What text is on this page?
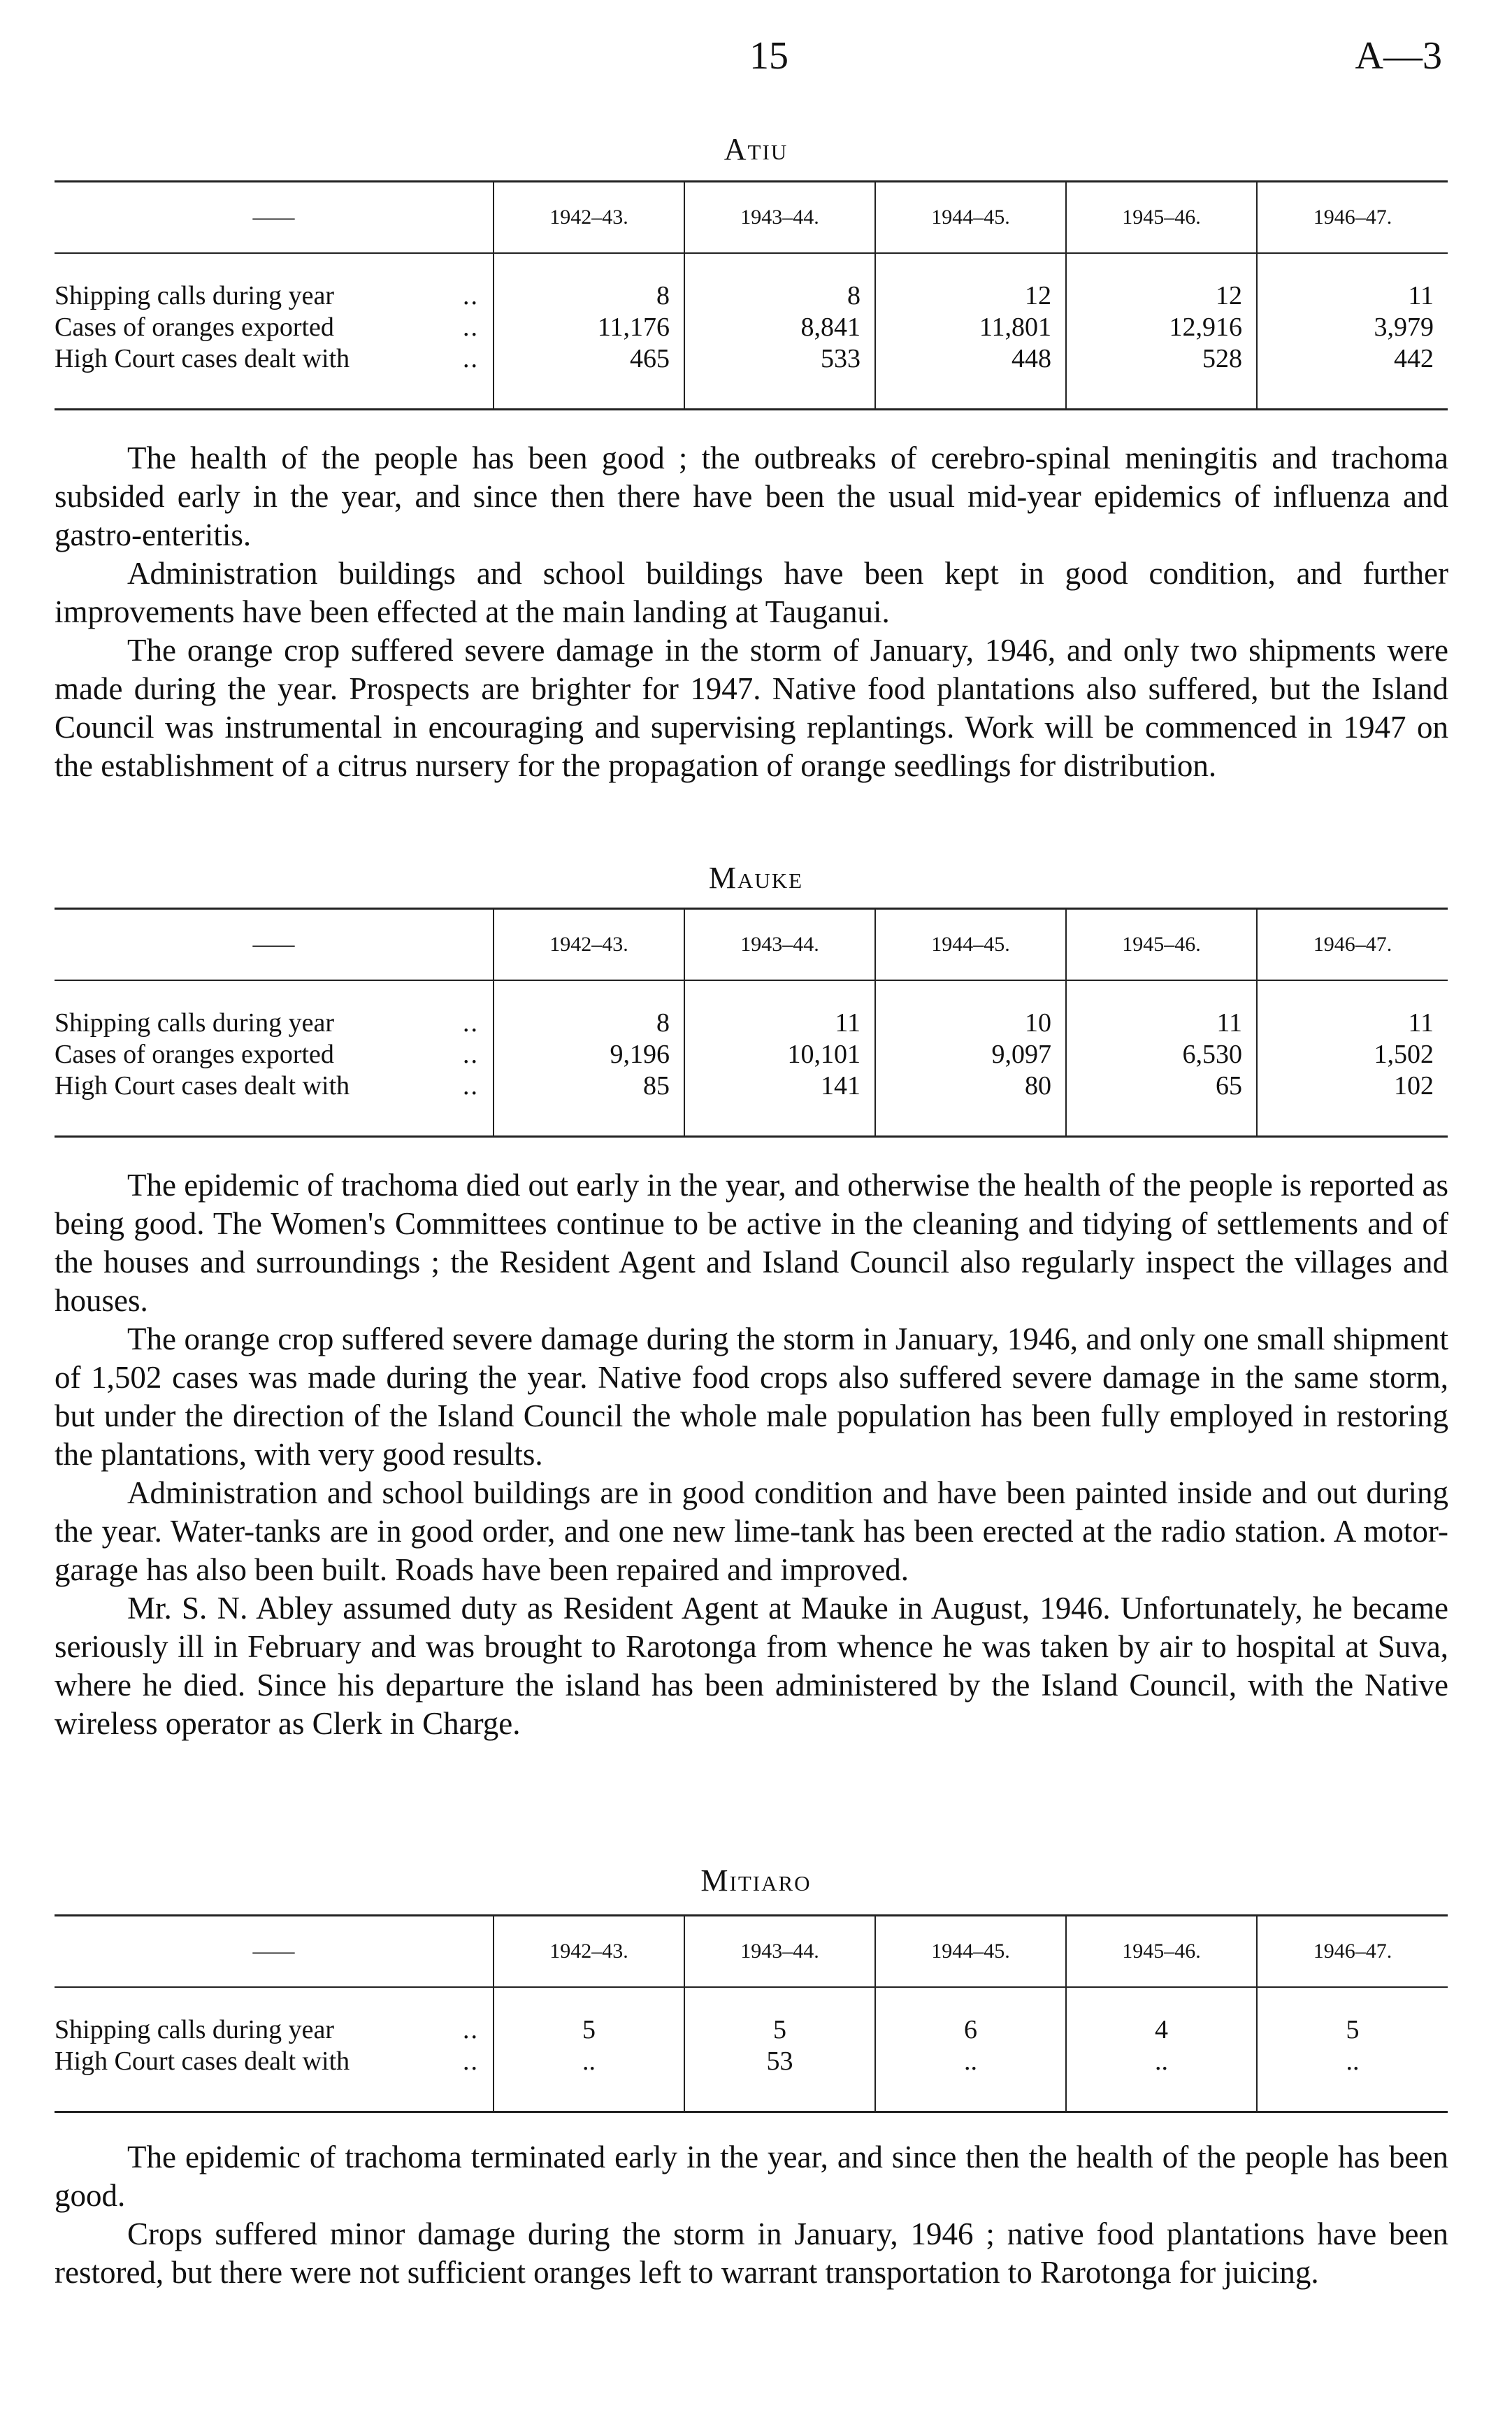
15	A—3
Atiu
——	1942–43.	1943–44.	1944–45.	1945–46.	1946–47.
Shipping calls during year ..	8	8	12	12	11
Cases of oranges exported ..	11,176	8,841	11,801	12,916	3,979
High Court cases dealt with ..	465	533	448	528	442

The health of the people has been good ; the outbreaks of cerebro-spinal meningitis and trachoma subsided early in the year, and since then there have been the usual mid-year epidemics of influenza and gastro-enteritis.

Administration buildings and school buildings have been kept in good condition, and further improvements have been effected at the main landing at Tauganui.

The orange crop suffered severe damage in the storm of January, 1946, and only two shipments were made during the year. Prospects are brighter for 1947. Native food plantations also suffered, but the Island Council was instrumental in encouraging and supervising replantings. Work will be commenced in 1947 on the establishment of a citrus nursery for the propagation of orange seedlings for distribution.

Mauke
——	1942–43.	1943–44.	1944–45.	1945–46.	1946–47.
Shipping calls during year ..	8	11	10	11	11
Cases of oranges exported ..	9,196	10,101	9,097	6,530	1,502
High Court cases dealt with ..	85	141	80	65	102

The epidemic of trachoma died out early in the year, and otherwise the health of the people is reported as being good. The Women's Committees continue to be active in the cleaning and tidying of settlements and of the houses and surroundings ; the Resident Agent and Island Council also regularly inspect the villages and houses.

The orange crop suffered severe damage during the storm in January, 1946, and only one small shipment of 1,502 cases was made during the year. Native food crops also suffered severe damage in the same storm, but under the direction of the Island Council the whole male population has been fully employed in restoring the plantations, with very good results.

Administration and school buildings are in good condition and have been painted inside and out during the year. Water-tanks are in good order, and one new lime-tank has been erected at the radio station. A motor-garage has also been built. Roads have been repaired and improved.

Mr. S. N. Abley assumed duty as Resident Agent at Mauke in August, 1946. Unfortunately, he became seriously ill in February and was brought to Rarotonga from whence he was taken by air to hospital at Suva, where he died. Since his departure the island has been administered by the Island Council, with the Native wireless operator as Clerk in Charge.

Mitiaro
——	1942–43.	1943–44.	1944–45.	1945–46.	1946–47.
Shipping calls during year ..	5	5	6	4	5
High Court cases dealt with ..	..	53	..	..	..

The epidemic of trachoma terminated early in the year, and since then the health of the people has been good.

Crops suffered minor damage during the storm in January, 1946 ; native food plantations have been restored, but there were not sufficient oranges left to warrant transportation to Rarotonga for juicing.
